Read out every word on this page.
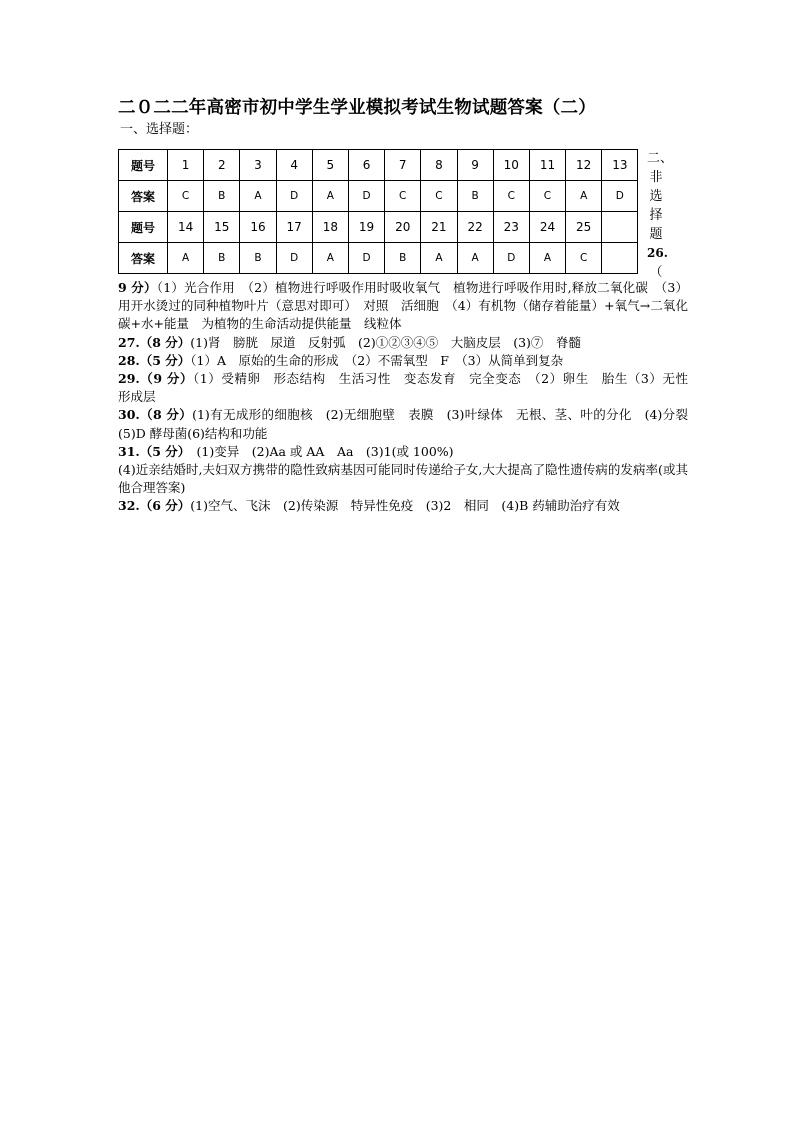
二０二二年高密市初中学生学业模拟考试生物试题答案（二）
一、选择题：
题号	1	2	3	4	5	6	7	8	9	10	11	12	13
答案	C	B	A	D	A	D	C	C	B	C	C	A	D
题号	14	15	16	17	18	19	20	21	22	23	24	25	
答案	A	B	B	D	A	D	B	A	A	D	A	C	
二、
非
选
择
题
26.
（

9 分）（1）光合作用　（2）植物进行呼吸作用时吸收氧气　植物进行呼吸作用时,释放二氧化碳　（3）用开水烫过的同种植物叶片（意思对即可）　对照　活细胞　（4）有机物（储存着能量）+氧气→二氧化碳+水+能量　为植物的生命活动提供能量　线粒体

27.（8 分）(1)肾　膀胱　尿道　反射弧　(2)①②③④⑤　大脑皮层　(3)⑦　脊髓

28.（5 分）（1）A　原始的生命的形成　（2）不需氧型　F　（3）从简单到复杂

29.（9 分）（1）受精卵　形态结构　生活习性　变态发育　完全变态　（2）卵生　胎生（3）无性　形成层

30.（8 分）(1)有无成形的细胞核　(2)无细胞壁　表膜　(3)叶绿体　无根、茎、叶的分化　(4)分裂　(5)D 酵母菌(6)结构和功能

31.（5 分）　(1)变异　(2)Aa 或 AA　Aa　(3)1(或 100%)

(4)近亲结婚时,夫妇双方携带的隐性致病基因可能同时传递给子女,大大提高了隐性遗传病的发病率(或其他合理答案)

32.（6 分）(1)空气、飞沫　(2)传染源　特异性免疫　(3)2　相同　(4)B 药辅助治疗有效
